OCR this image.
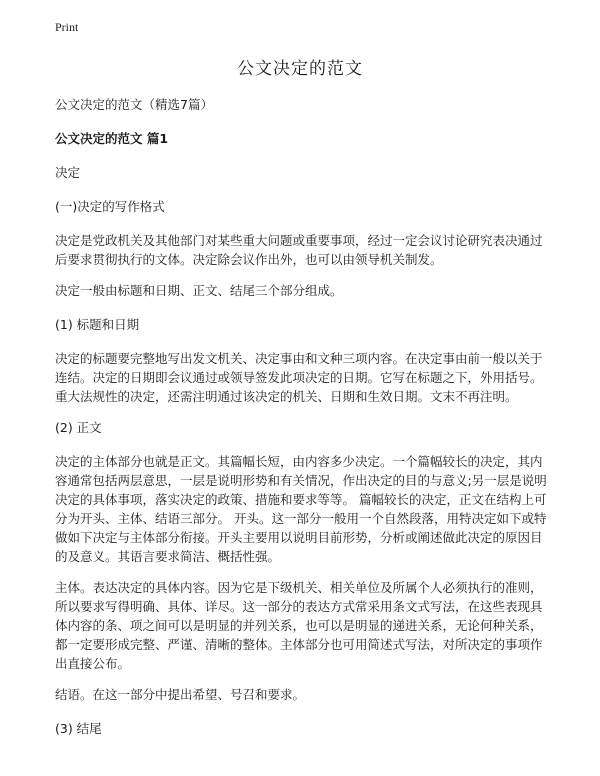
Print
公文决定的范文

公文决定的范文（精选7篇）

公文决定的范文 篇1

决定

(一)决定的写作格式

决定是党政机关及其他部门对某些重大问题或重要事项，经过一定会议讨论研究表决通过后要求贯彻执行的文体。决定除会议作出外，也可以由领导机关制发。

决定一般由标题和日期、正文、结尾三个部分组成。

(1) 标题和日期

决定的标题要完整地写出发文机关、决定事由和文种三项内容。在决定事由前一般以关于连结。决定的日期即会议通过或领导签发此项决定的日期。它写在标题之下，外用括号。重大法规性的决定，还需注明通过该决定的机关、日期和生效日期。文末不再注明。

(2) 正文

决定的主体部分也就是正文。其篇幅长短，由内容多少决定。一个篇幅较长的决定，其内容通常包括两层意思，一层是说明形势和有关情况，作出决定的目的与意义;另一层是说明决定的具体事项，落实决定的政策、措施和要求等等。 篇幅较长的决定，正文在结构上可分为开头、主体、结语三部分。 开头。这一部分一般用一个自然段落，用特决定如下或特做如下决定与主体部分衔接。开头主要用以说明目前形势，分析或阐述做此决定的原因目的及意义。其语言要求简洁、概括性强。

主体。表达决定的具体内容。因为它是下级机关、相关单位及所属个人必须执行的准则，所以要求写得明确、具体、详尽。这一部分的表达方式常采用条文式写法，在这些表现具体内容的条、项之间可以是明显的并列关系，也可以是明显的递进关系，无论何种关系，都一定要形成完整、严谨、清晰的整体。主体部分也可用简述式写法，对所决定的事项作出直接公布。

结语。在这一部分中提出希望、号召和要求。

(3) 结尾
